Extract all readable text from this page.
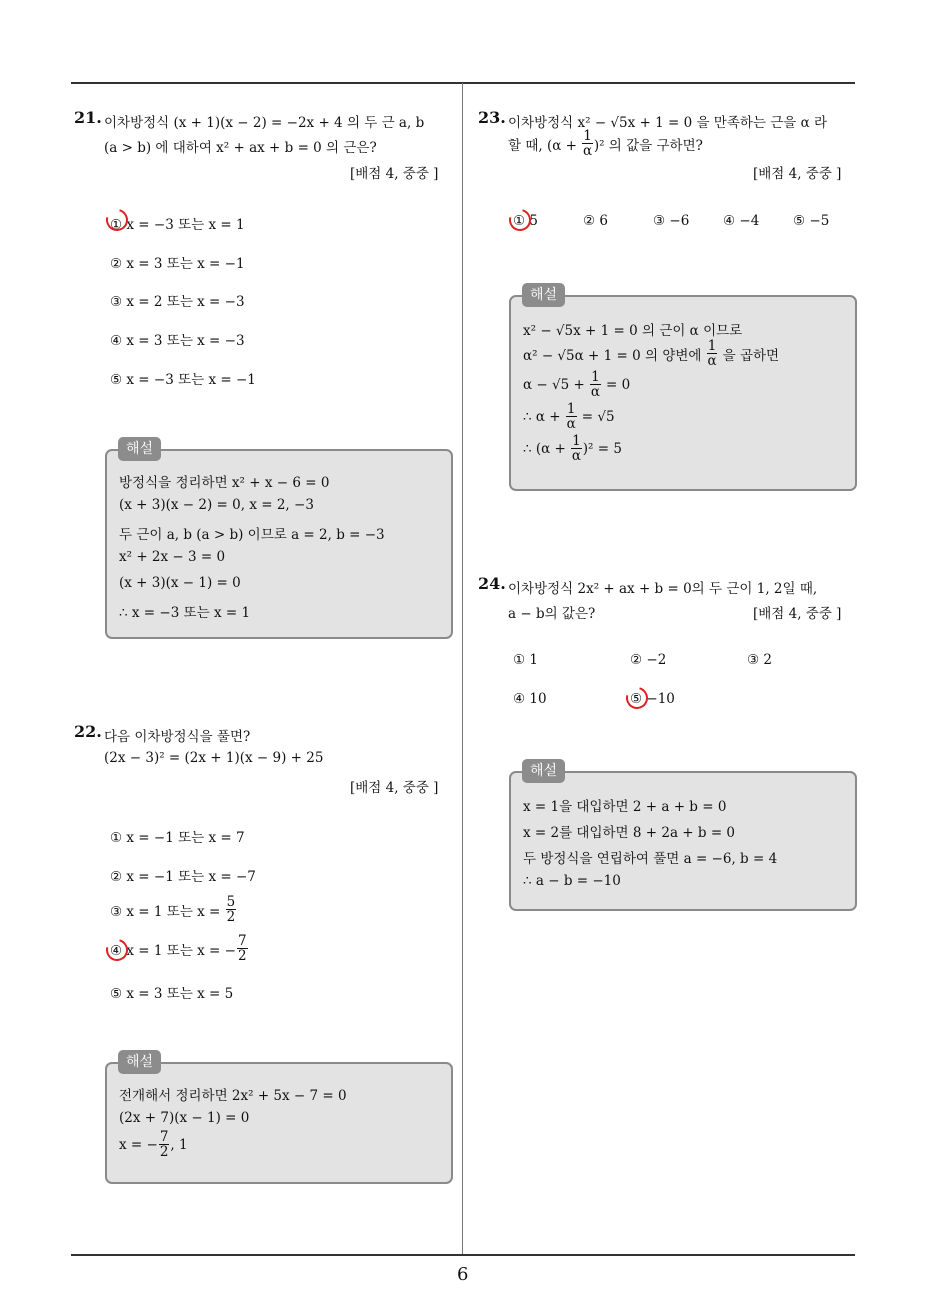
6
21. 이차방정식 (x + 1)(x − 2) = −2x + 4 의 두 근 a, b
(a > b) 에 대하여 x² + ax + b = 0 의 근은?
[배점 4, 중중 ]
① x = −3 또는 x = 1
② x = 3 또는 x = −1
③ x = 2 또는 x = −3
④ x = 3 또는 x = −3
⑤ x = −3 또는 x = −1
방정식을 정리하면 x² + x − 6 = 0
(x + 3)(x − 2) = 0, x = 2, −3
두 근이 a, b (a > b) 이므로 a = 2, b = −3
x² + 2x − 3 = 0
(x + 3)(x − 1) = 0
∴ x = −3 또는 x = 1
해설
22. 다음 이차방정식을 풀면?
(2x − 3)² = (2x + 1)(x − 9) + 25
[배점 4, 중중 ]
① x = −1 또는 x = 7
② x = −1 또는 x = −7
③ x = 1 또는 $x = \frac{5}{2}$
④ x = 1 또는 x = − $\frac{7}{2}$
⑤ x = 3 또는 x = 5
전개해서 정리하면 2x² + 5x − 7 = 0
(2x + 7)(x − 1) = 0
x = − $\frac{7}{2}$ , 1
해설
23. 이차방정식 x² − √5x + 1 = 0 을 만족하는 근을 α 라
할 때, $(\alpha + \frac{1}{\alpha} )^2$ 의 값을 구하면?
[배점 4, 중중 ]
① 5	② 6	③ −6 ④ −4 ⑤ −5
x² − √5x + 1 = 0 의 근이 α 이므로
α² − √5α + 1 = 0 의 양변에 $\frac{1}{\alpha}$ 을 곱하면
$\alpha - √5 + \frac{1}{\alpha} = 0$
∴ $\alpha + \frac{1}{\alpha} = √5$
∴ $(\alpha + \frac{1}{\alpha} )^2 = 5$
해설
24. 이차방정식 2x² + ax + b = 0의 두 근이 1, 2일 때,
a − b의 값은?	[배점 4, 중중 ]
① 1	② −2	③ 2
④ 10	⑤ −10
x = 1을 대입하면 2 + a + b = 0
x = 2를 대입하면 8 + 2a + b = 0
두 방정식을 연립하여 풀면 a = −6, b = 4
∴ a − b = −10
해설
